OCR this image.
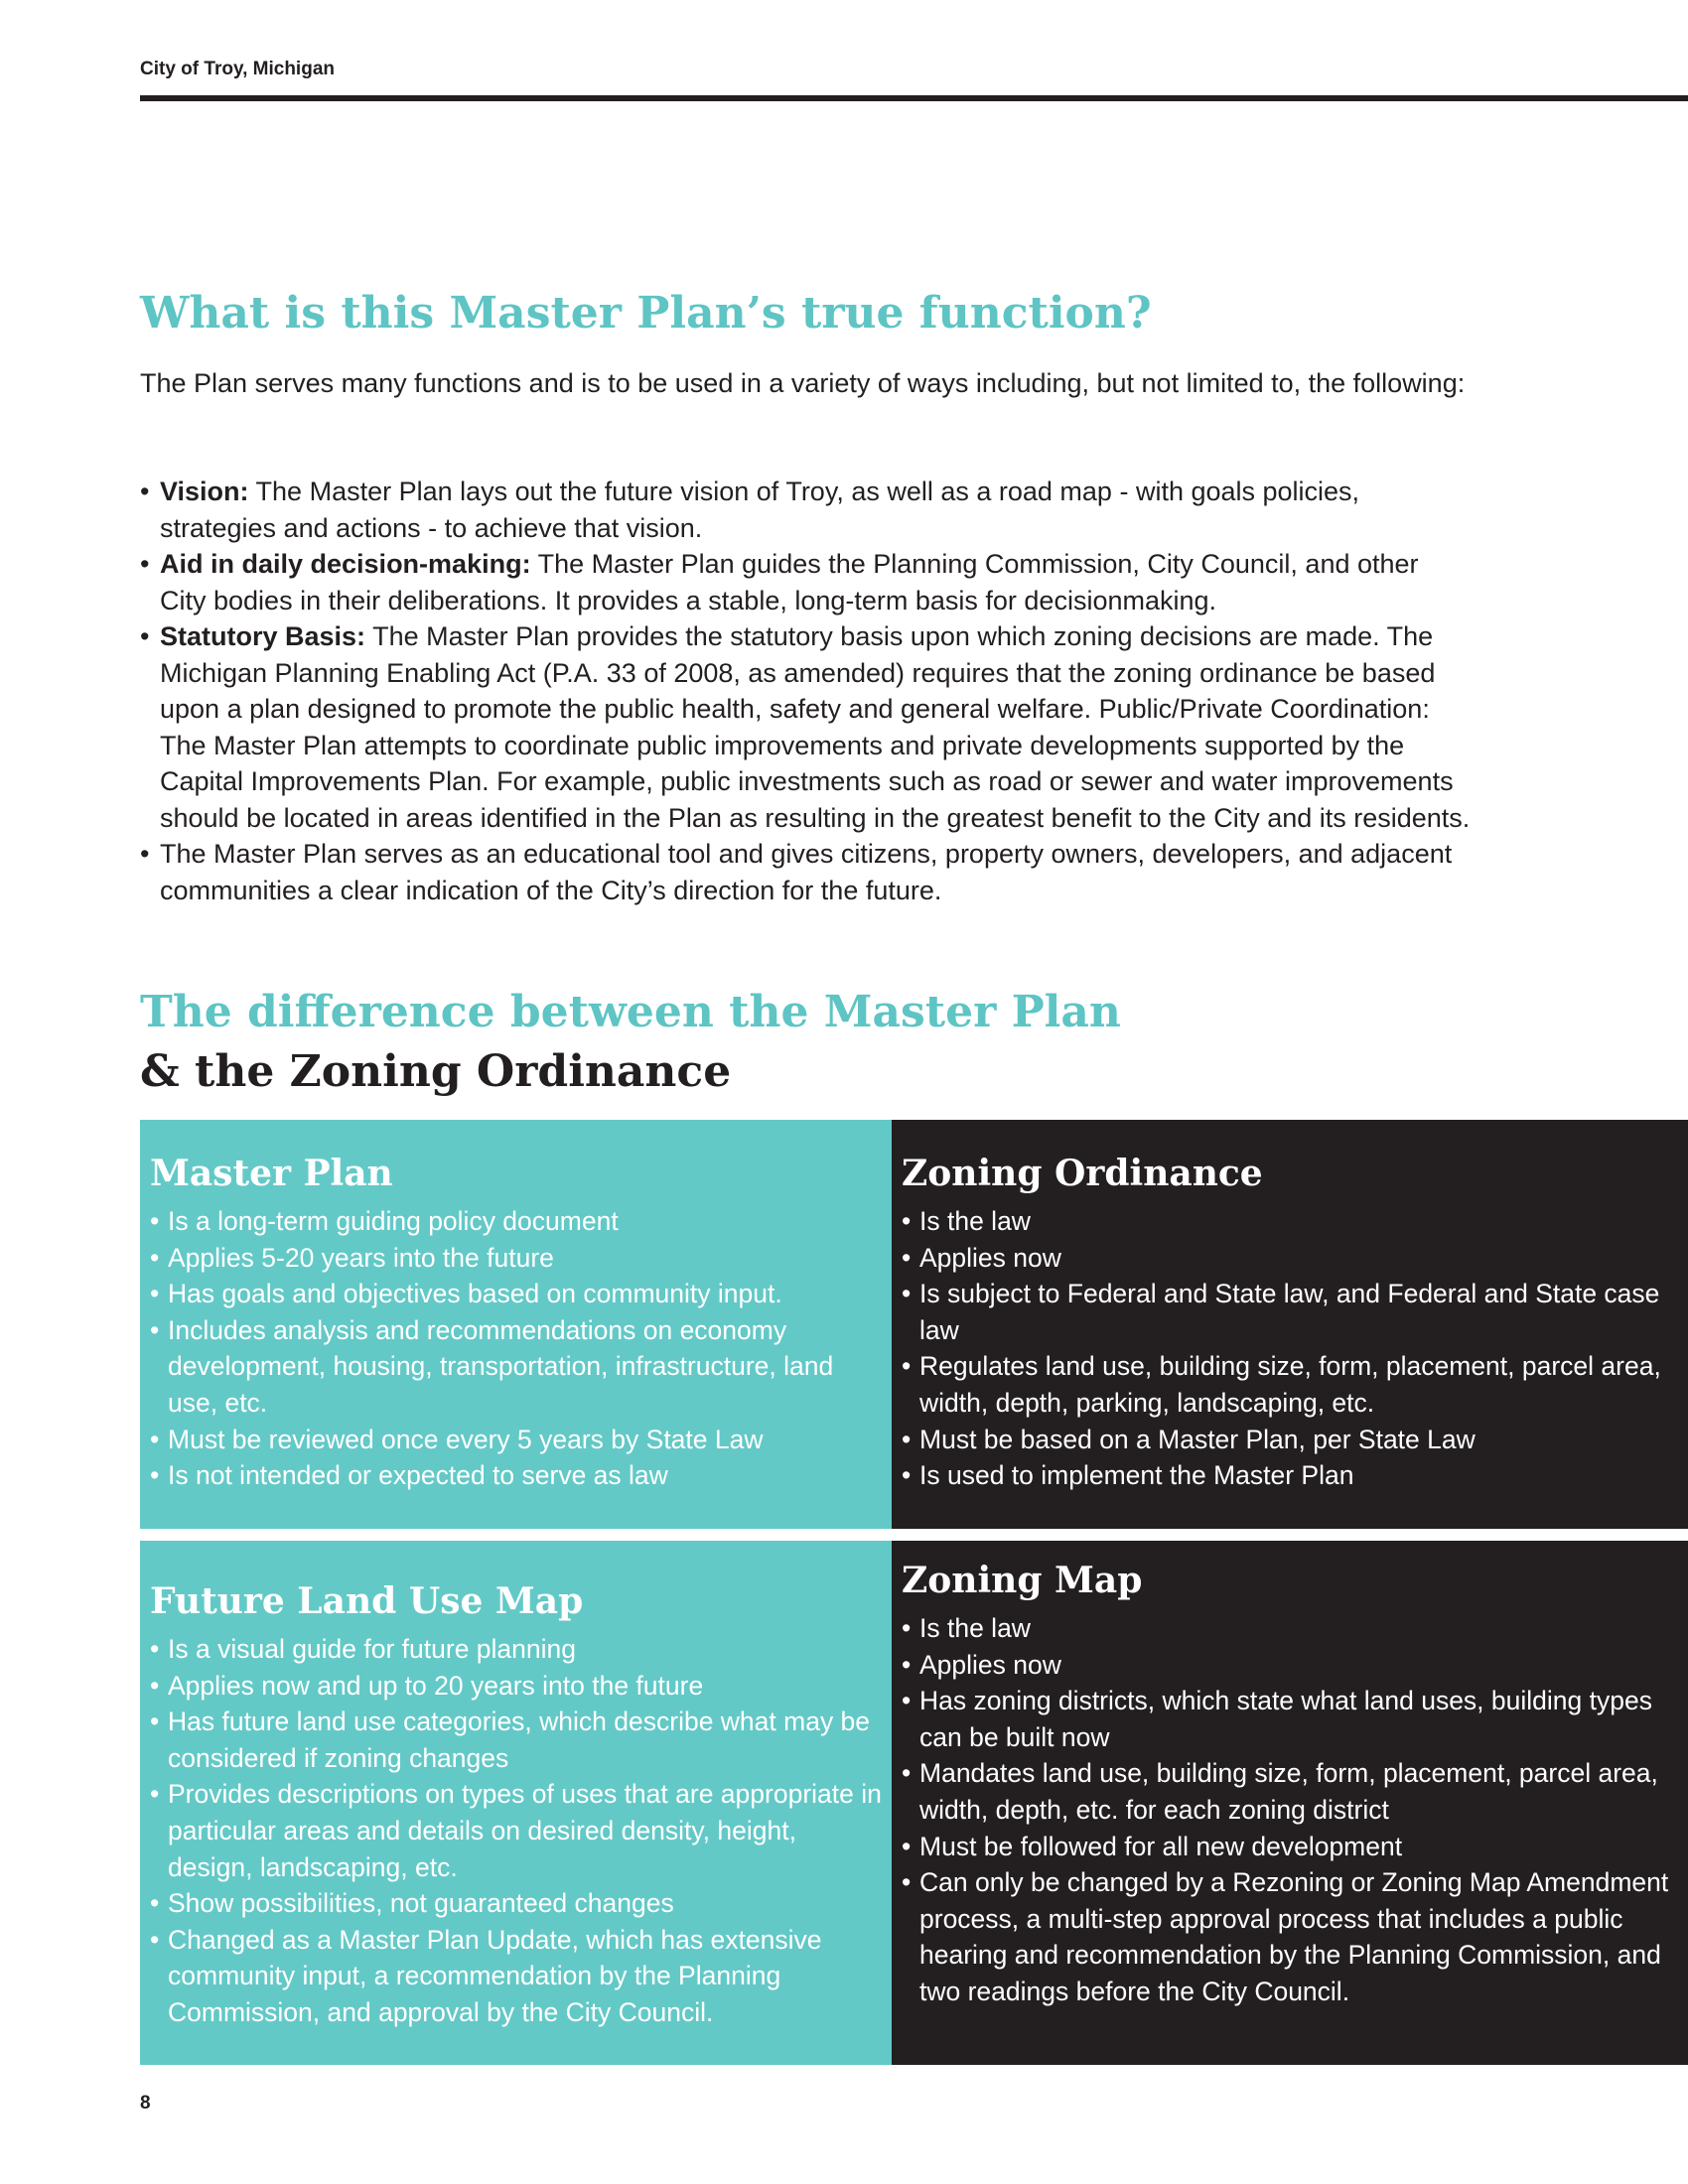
City of Troy, Michigan
What is this Master Plan’s true function?

The Plan serves many functions and is to be used in a variety of ways including, but not limited to, the following:

• Vision: The Master Plan lays out the future vision of Troy, as well as a road map - with goals policies, strategies and actions - to achieve that vision.
• Aid in daily decision-making: The Master Plan guides the Planning Commission, City Council, and other City bodies in their deliberations. It provides a stable, long-term basis for decisionmaking.
• Statutory Basis: The Master Plan provides the statutory basis upon which zoning decisions are made. The Michigan Planning Enabling Act (P.A. 33 of 2008, as amended) requires that the zoning ordinance be based upon a plan designed to promote the public health, safety and general welfare. Public/Private Coordination: The Master Plan attempts to coordinate public improvements and private developments supported by the Capital Improvements Plan. For example, public investments such as road or sewer and water improvements should be located in areas identified in the Plan as resulting in the greatest benefit to the City and its residents.
• The Master Plan serves as an educational tool and gives citizens, property owners, developers, and adjacent communities a clear indication of the City’s direction for the future.
The difference between the Master Plan
& the Zoning Ordinance
Master Plan
• Is a long-term guiding policy document
• Applies 5-20 years into the future
• Has goals and objectives based on community input.
• Includes analysis and recommendations on economy development, housing, transportation, infrastructure, land use, etc.
• Must be reviewed once every 5 years by State Law
• Is not intended or expected to serve as law
Zoning Ordinance
• Is the law
• Applies now
• Is subject to Federal and State law, and Federal and State case law
• Regulates land use, building size, form, placement, parcel area, width, depth, parking, landscaping, etc.
• Must be based on a Master Plan, per State Law
• Is used to implement the Master Plan
Future Land Use Map
• Is a visual guide for future planning
• Applies now and up to 20 years into the future
• Has future land use categories, which describe what may be considered if zoning changes
• Provides descriptions on types of uses that are appropriate in particular areas and details on desired density, height, design, landscaping, etc.
• Show possibilities, not guaranteed changes
• Changed as a Master Plan Update, which has extensive community input, a recommendation by the Planning Commission, and approval by the City Council.
Zoning Map
• Is the law
• Applies now
• Has zoning districts, which state what land uses, building types can be built now
• Mandates land use, building size, form, placement, parcel area, width, depth, etc. for each zoning district
• Must be followed for all new development
• Can only be changed by a Rezoning or Zoning Map Amendment process, a multi-step approval process that includes a public hearing and recommendation by the Planning Commission, and two readings before the City Council.
8
